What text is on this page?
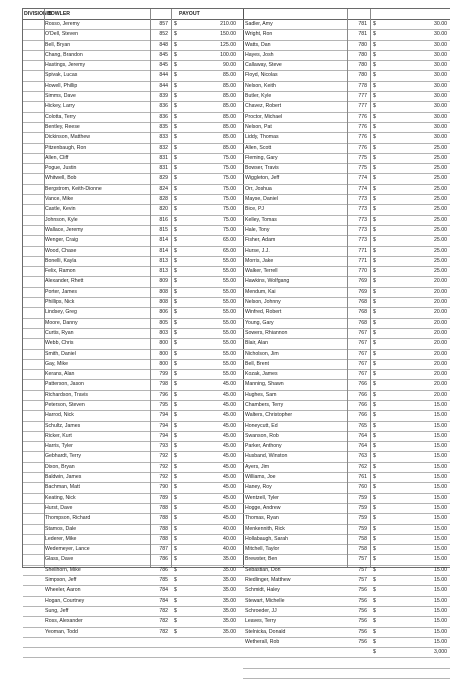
DIVISION B
BOWLER	PAYOUT
Rosso, Jeremy	857 $	210.00
O'Dell, Steven	852 $	150.00
Bell, Bryan	848 $	125.00
Chang, Brandon	845 $	100.00
Hastings, Jeremy	845 $	90.00
Spivak, Lucas	844 $	85.00
Howell, Phillip	844 $	85.00
Simms, Dave	839 $	85.00
Hickey, Larry	836 $	85.00
Colotta, Terry	836 $	85.00
Bentley, Reese	835 $	85.00
Dickinson, Matthew	833 $	85.00
Pitzenbaugh, Ron	832 $	85.00
Allen, Cliff	831 $	75.00
Pogue, Justin	831 $	75.00
Whitwell, Bob	829 $	75.00
Bergstrom, Keith-Dionne	824 $	75.00
Vance, Mike	828 $	75.00
Castle, Kevin	820 $	75.00
Johnson, Kyle	816 $	75.00
Wallace, Jeremy	815 $	75.00
Wenger, Craig	814 $	65.00
Wood, Chase	814 $	65.00
Bonelli, Kayla	813 $	55.00
Felix, Ramon	813 $	55.00
Alexander, Rhett	809 $	55.00
Porter, James	808 $	55.00
Phillips, Nick	808 $	55.00
Lindsey, Greg	806 $	55.00
Moore, Danny	805 $	55.00
Curtis, Ryan	803 $	55.00
Webb, Chris	800 $	55.00
Smith, Daniel	800 $	55.00
Gay, Mike	800 $	55.00
Kerans, Alan	799 $	55.00
Patterson, Jason	798 $	45.00
Richardson, Travis	796 $	45.00
Peterson, Steven	795 $	45.00
Harrod, Nick	794 $	45.00
Schultz, James	794 $	45.00
Ricker, Kurt	794 $	45.00
Harris, Tyler	793 $	45.00
Gebhardt, Terry	792 $	45.00
Dixon, Bryan	792 $	45.00
Baldwin, James	792 $	45.00
Bachman, Matt	790 $	45.00
Keating, Nick	789 $	45.00
Hurst, Dave	788 $	45.00
Thompson, Richard	788 $	45.00
Stamos, Dale	788 $	40.00
Lederer, Mike	788 $	40.00
Wedemeyer, Lance	787 $	40.00
Glass, Dave	786 $	35.00
Shellhorn, Mike	786 $	35.00
Simpson, Jeff	785 $	35.00
Wheeler, Aaron	784 $	35.00
Hogan, Courtney	784 $	35.00
Sung, Jeff	782 $	35.00
Ross, Alexander	782 $	35.00
Yeoman, Todd	782 $	35.00
Sadler, Amy	781 $	30.00
Wright, Ron	781 $	30.00
Watts, Dan	780 $	30.00
Hayes, Josh	780 $	30.00
Callaway, Steve	780 $	30.00
Floyd, Nicolas	780 $	30.00
Nelson, Keith	778 $	30.00
Butler, Kyle	777 $	30.00
Chavez, Robert	777 $	30.00
Proctor, Michael	776 $	30.00
Nelson, Pat	776 $	30.00
Liddy, Thomas	776 $	30.00
Allen, Scott	776 $	25.00
Fleming, Gary	775 $	25.00
Bowser, Travis	775 $	25.00
Wiggleton, Jeff	774 $	25.00
Orr, Joshua	774 $	25.00
Mayse, Daniel	773 $	25.00
Bice, PJ	773 $	25.00
Kelley, Tomas	773 $	25.00
Hale, Tony	773 $	25.00
Fisher, Adam	773 $	25.00
Hurse, J.J.	771 $	25.00
Morris, Jake	771 $	25.00
Walker, Terrell	770 $	25.00
Hawkins, Wolfgang	769 $	20.00
Mendum, Kai	769 $	20.00
Nelson, Johnny	768 $	20.00
Winfred, Robert	768 $	20.00
Young, Gary	768 $	20.00
Sowers, Rhiannon	767 $	20.00
Blair, Alan	767 $	20.00
Nicholson, Jim	767 $	20.00
Bell, Brent	767 $	20.00
Kozak, James	767 $	20.00
Manning, Shawn	766 $	20.00
Hughes, Sam	766 $	20.00
Chambers, Terry	766 $	15.00
Walters, Christopher	766 $	15.00
Honeycutt, Ed	765 $	15.00
Swanson, Rob	764 $	15.00
Parker, Anthony	764 $	15.00
Husband, Winston	763 $	15.00
Ayers, Jim	762 $	15.00
Williams, Joe	761 $	15.00
Haney, Roy	760 $	15.00
Wentzell, Tyler	759 $	15.00
Hogge, Andrew	759 $	15.00
Thomas, Ryan	759 $	15.00
Menkennith, Rick	759 $	15.00
Hollabaugh, Sarah	758 $	15.00
Mitchell, Taylor	758 $	15.00
Brewster, Ben	757 $	15.00
Sebastian, Don	757 $	15.00
Riedlinger, Matthew	757 $	15.00
Schmidt, Haley	756 $	15.00
Stewart, Michelle	756 $	15.00
Schroeder, JJ	756 $	15.00
Leaves, Terry	756 $	15.00
Stelnicka, Donald	756 $	15.00
Wetherall, Rob	756 $	15.00
$	3,000
